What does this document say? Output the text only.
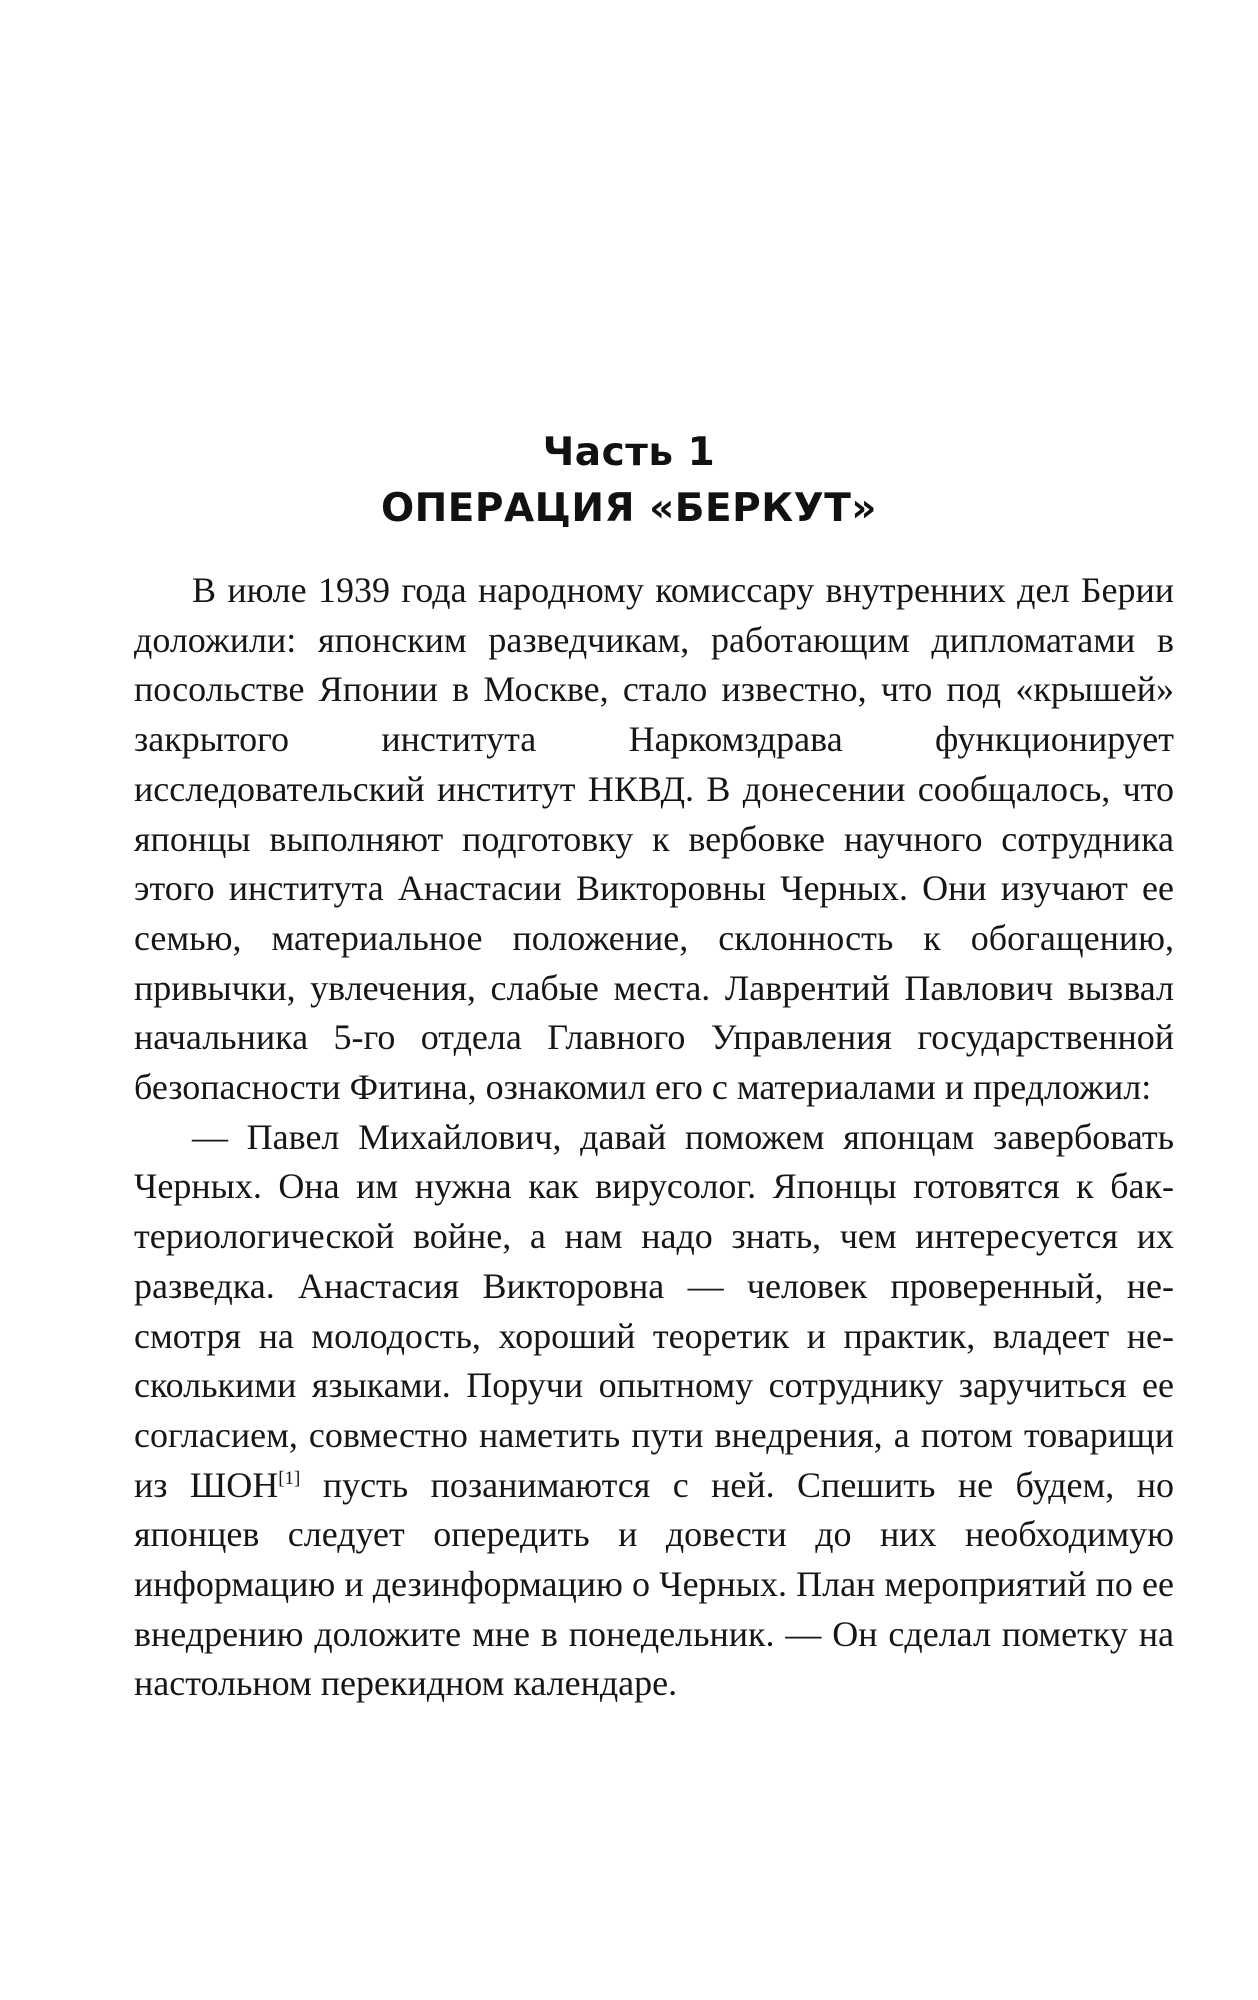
Часть 1
ОПЕРАЦИЯ «БЕРКУТ»

В июле 1939 года народному комиссару внутренних дел Берии доложили: японским разведчикам, работающим дипломатами в посольстве Японии в Москве, стало известно, что под «крышей» закрытого института Наркомздрава функционирует исследовательский институт НКВД. В донесении сообщалось, что японцы выполняют подготовку к вербовке научного сотрудника этого института Анастасии Викторовны Черных. Они изучают ее семью, материальное положение, склонность к обогащению, привычки, увлечения, слабые места. Лаврентий Павлович вызвал начальника 5-го отдела Главного Управления государственной безопасности Фитина, ознакомил его с материалами и предложил:

— Павел Михайлович, давай поможем японцам завербовать Черных. Она им нужна как вирусолог. Японцы готовятся к бактериологической войне, а нам надо знать, чем интересуется их разведка. Анастасия Викторовна — человек проверенный, несмотря на молодость, хороший теоретик и практик, владеет несколькими языками. Поручи опытному сотруднику заручиться ее согласием, совместно наметить пути внедрения, а потом товарищи из ШОН[1] пусть позанимаются с ней. Спешить не будем, но японцев следует опередить и довести до них необходимую информацию и дезинформацию о Черных. План мероприятий по ее внедрению доложите мне в понедельник. — Он сделал пометку на настольном перекидном календаре.
